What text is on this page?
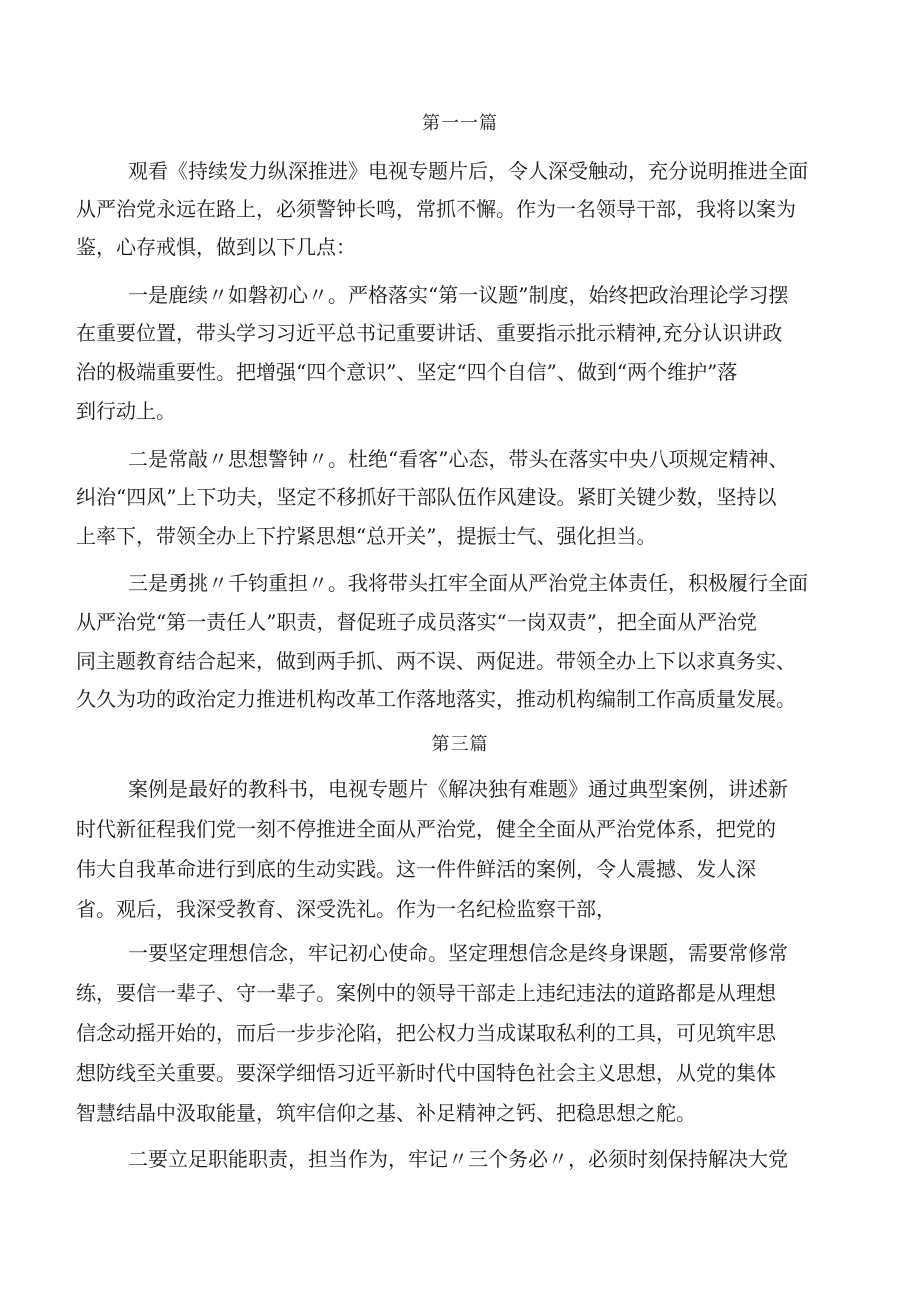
第一一篇
观看《持续发力纵深推进》电视专题片后，令人深受触动，充分说明推进全面
从严治党永远在路上，必须警钟长鸣，常抓不懈。作为一名领导干部，我将以案为
鉴，心存戒惧，做到以下几点：
一是鹿续〃如磐初心〃。严格落实“第一议题”制度，始终把政治理论学习摆
在重要位置，带头学习习近平总书记重要讲话、重要指示批示精神,充分认识讲政
治的极端重要性。把增强“四个意识”、坚定“四个自信”、做到“两个维护”落
到行动上。
二是常敲〃思想警钟〃。杜绝“看客”心态，带头在落实中央八项规定精神、
纠治“四风”上下功夫，坚定不移抓好干部队伍作风建设。紧盯关键少数，坚持以
上率下，带领全办上下拧紧思想“总开关”，提振士气、强化担当。
三是勇挑〃千钧重担〃。我将带头扛牢全面从严治党主体责任，积极履行全面
从严治党“第一责任人”职责，督促班子成员落实“一岗双责”，把全面从严治党
同主题教育结合起来，做到两手抓、两不误、两促进。带领全办上下以求真务实、
久久为功的政治定力推进机构改革工作落地落实，推动机构编制工作高质量发展。
第三篇
案例是最好的教科书，电视专题片《解决独有难题》通过典型案例，讲述新
时代新征程我们党一刻不停推进全面从严治党，健全全面从严治党体系，把党的
伟大自我革命进行到底的生动实践。这一件件鲜活的案例，令人震撼、发人深
省。观后，我深受教育、深受洗礼。作为一名纪检监察干部，
一要坚定理想信念，牢记初心使命。坚定理想信念是终身课题，需要常修常
练，要信一辈子、守一辈子。案例中的领导干部走上违纪违法的道路都是从理想
信念动摇开始的，而后一步步沦陷，把公权力当成谋取私利的工具，可见筑牢思
想防线至关重要。要深学细悟习近平新时代中国特色社会主义思想，从党的集体
智慧结晶中汲取能量，筑牢信仰之基、补足精神之钙、把稳思想之舵。
二要立足职能职责，担当作为，牢记〃三个务必〃，必须时刻保持解决大党
